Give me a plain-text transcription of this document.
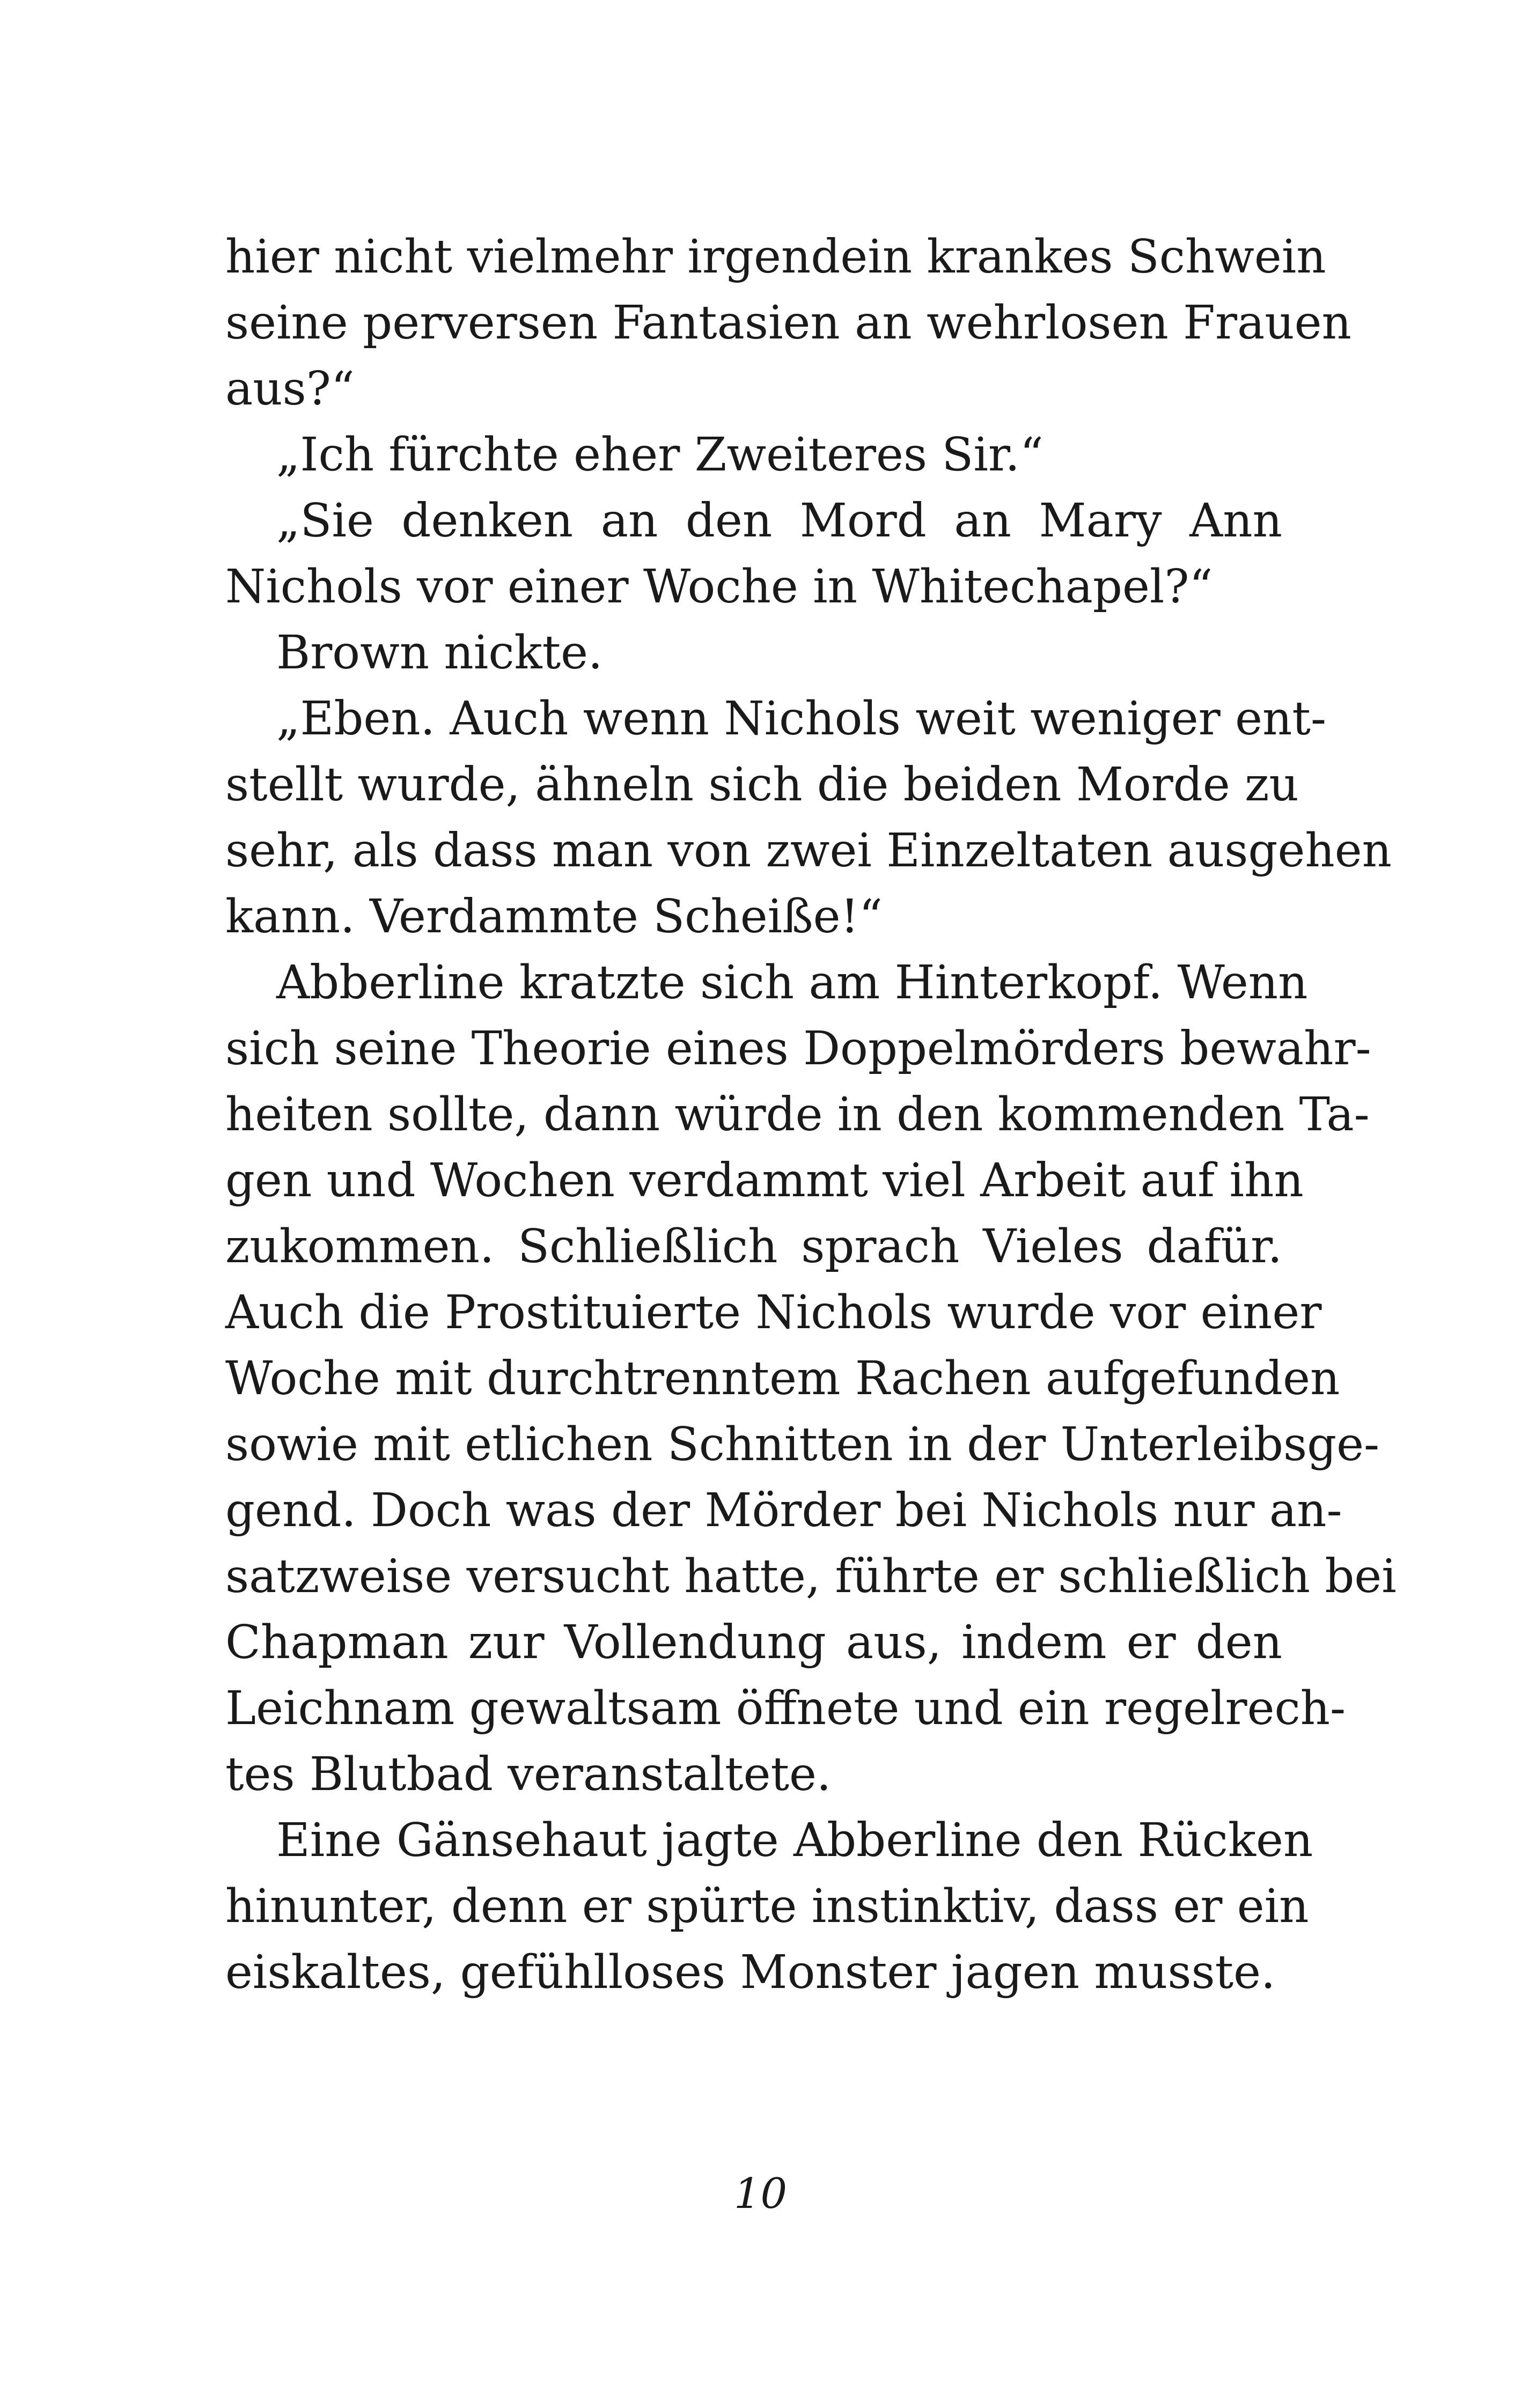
hier nicht vielmehr irgendein krankes Schwein
seine perversen Fantasien an wehrlosen Frauen
aus?“
„Ich fürchte eher Zweiteres Sir.“
„Sie denken an den Mord an Mary Ann
Nichols vor einer Woche in Whitechapel?“
Brown nickte.
„Eben. Auch wenn Nichols weit weniger ent-
stellt wurde, ähneln sich die beiden Morde zu
sehr, als dass man von zwei Einzeltaten ausgehen
kann. Verdammte Scheiße!“
Abberline kratzte sich am Hinterkopf. Wenn
sich seine Theorie eines Doppelmörders bewahr-
heiten sollte, dann würde in den kommenden Ta-
gen und Wochen verdammt viel Arbeit auf ihn
zukommen. Schließlich sprach Vieles dafür.
Auch die Prostituierte Nichols wurde vor einer
Woche mit durchtrenntem Rachen aufgefunden
sowie mit etlichen Schnitten in der Unterleibsge-
gend. Doch was der Mörder bei Nichols nur an-
satzweise versucht hatte, führte er schließlich bei
Chapman zur Vollendung aus, indem er den
Leichnam gewaltsam öffnete und ein regelrech-
tes Blutbad veranstaltete.
Eine Gänsehaut jagte Abberline den Rücken
hinunter, denn er spürte instinktiv, dass er ein
eiskaltes, gefühlloses Monster jagen musste.
10
